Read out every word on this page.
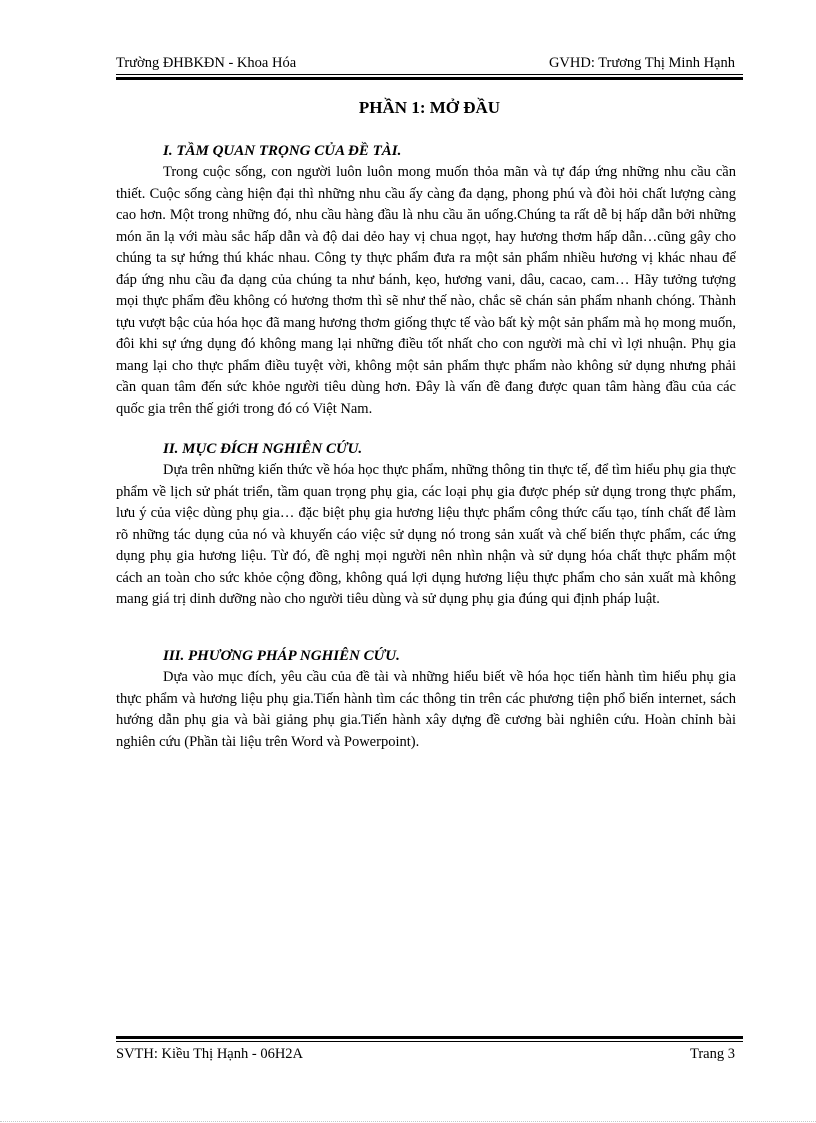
Trường ĐHBKĐN - Khoa Hóa	GVHD: Trương Thị Minh Hạnh
PHẦN 1: MỞ ĐẦU
I. TẦM QUAN TRỌNG CỦA ĐỀ TÀI.

Trong cuộc sống, con người luôn luôn mong muốn thỏa mãn và tự đáp ứng những nhu cầu cần thiết. Cuộc sống càng hiện đại thì những nhu cầu ấy càng đa dạng, phong phú và đòi hỏi chất lượng càng cao hơn. Một trong những đó, nhu cầu hàng đầu là nhu cầu ăn uống.Chúng ta rất dễ bị hấp dẫn bởi những món ăn lạ với màu sắc hấp dẫn và độ dai dẻo hay vị chua ngọt, hay hương thơm hấp dẫn…cũng gây cho chúng ta sự hứng thú khác nhau. Công ty thực phẩm đưa ra một sản phẩm nhiều hương vị khác nhau để đáp ứng nhu cầu đa dạng của chúng ta như bánh, kẹo, hương vani, dâu, cacao, cam… Hãy tưởng tượng mọi thực phẩm đều không có hương thơm thì sẽ như thế nào, chắc sẽ chán sản phẩm nhanh chóng. Thành tựu vượt bậc của hóa học đã mang hương thơm giống thực tế vào bất kỳ một sản phẩm mà họ mong muốn, đôi khi sự ứng dụng đó không mang lại những điều tốt nhất cho con người mà chỉ vì lợi nhuận. Phụ gia mang lại cho thực phẩm điều tuyệt vời, không một sản phẩm thực phẩm nào không sử dụng nhưng phải cần quan tâm đến sức khỏe người tiêu dùng hơn. Đây là vấn đề đang được quan tâm hàng đầu của các quốc gia trên thế giới trong đó có Việt Nam.

II. MỤC ĐÍCH NGHIÊN CỨU.

Dựa trên những kiến thức về hóa học thực phẩm, những thông tin thực tế, để tìm hiểu phụ gia thực phẩm về lịch sử phát triển, tầm quan trọng phụ gia, các loại phụ gia được phép sử dụng trong thực phẩm, lưu ý của việc dùng phụ gia… đặc biệt phụ gia hương liệu thực phẩm công thức cấu tạo, tính chất để làm rõ những tác dụng của nó và khuyến cáo việc sử dụng nó trong sản xuất và chế biến thực phẩm, các ứng dụng phụ gia hương liệu. Từ đó, đề nghị mọi người nên nhìn nhận và sử dụng hóa chất thực phẩm một cách an toàn cho sức khỏe cộng đồng, không quá lợi dụng hương liệu thực phẩm cho sản xuất mà không mang giá trị dinh dưỡng nào cho người tiêu dùng và sử dụng phụ gia đúng qui định pháp luật.

III. PHƯƠNG PHÁP NGHIÊN CỨU.

Dựa vào mục đích, yêu cầu của đề tài và những hiểu biết về hóa học tiến hành tìm hiểu phụ gia thực phẩm và hương liệu phụ gia.Tiến hành tìm các thông tin trên các phương tiện phổ biến internet, sách hướng dẫn phụ gia và bài giảng phụ gia.Tiến hành xây dựng đề cương bài nghiên cứu. Hoàn chỉnh bài nghiên cứu (Phần tài liệu trên Word và Powerpoint).

SVTH: Kiều Thị Hạnh - 06H2A	Trang 3
